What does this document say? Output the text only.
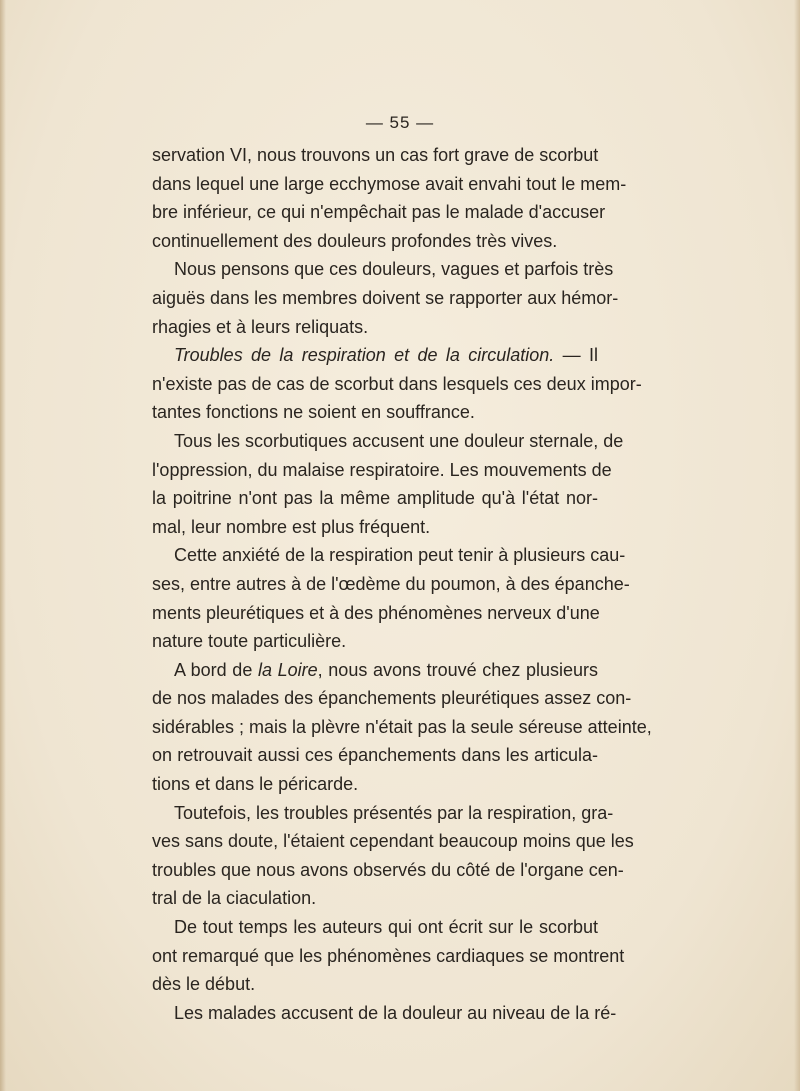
— 55 —
servation VI, nous trouvons un cas fort grave de scorbut
dans lequel une large ecchymose avait envahi tout le mem-
bre inférieur, ce qui n'empêchait pas le malade d'accuser
continuellement des douleurs profondes très vives.
Nous pensons que ces douleurs, vagues et parfois très
aiguës dans les membres doivent se rapporter aux hémor-
rhagies et à leurs reliquats.
Troubles de la respiration et de la circulation. — Il
n'existe pas de cas de scorbut dans lesquels ces deux impor-
tantes fonctions ne soient en souffrance.
Tous les scorbutiques accusent une douleur sternale, de
l'oppression, du malaise respiratoire. Les mouvements de
la poitrine n'ont pas la même amplitude qu'à l'état nor-
mal, leur nombre est plus fréquent.
Cette anxiété de la respiration peut tenir à plusieurs cau-
ses, entre autres à de l'œdème du poumon, à des épanche-
ments pleurétiques et à des phénomènes nerveux d'une
nature toute particulière.
A bord de la Loire, nous avons trouvé chez plusieurs
de nos malades des épanchements pleurétiques assez con-
sidérables ; mais la plèvre n'était pas la seule séreuse atteinte,
on retrouvait aussi ces épanchements dans les articula-
tions et dans le péricarde.
Toutefois, les troubles présentés par la respiration, gra-
ves sans doute, l'étaient cependant beaucoup moins que les
troubles que nous avons observés du côté de l'organe cen-
tral de la ciaculation.
De tout temps les auteurs qui ont écrit sur le scorbut
ont remarqué que les phénomènes cardiaques se montrent
dès le début.
Les malades accusent de la douleur au niveau de la ré-
